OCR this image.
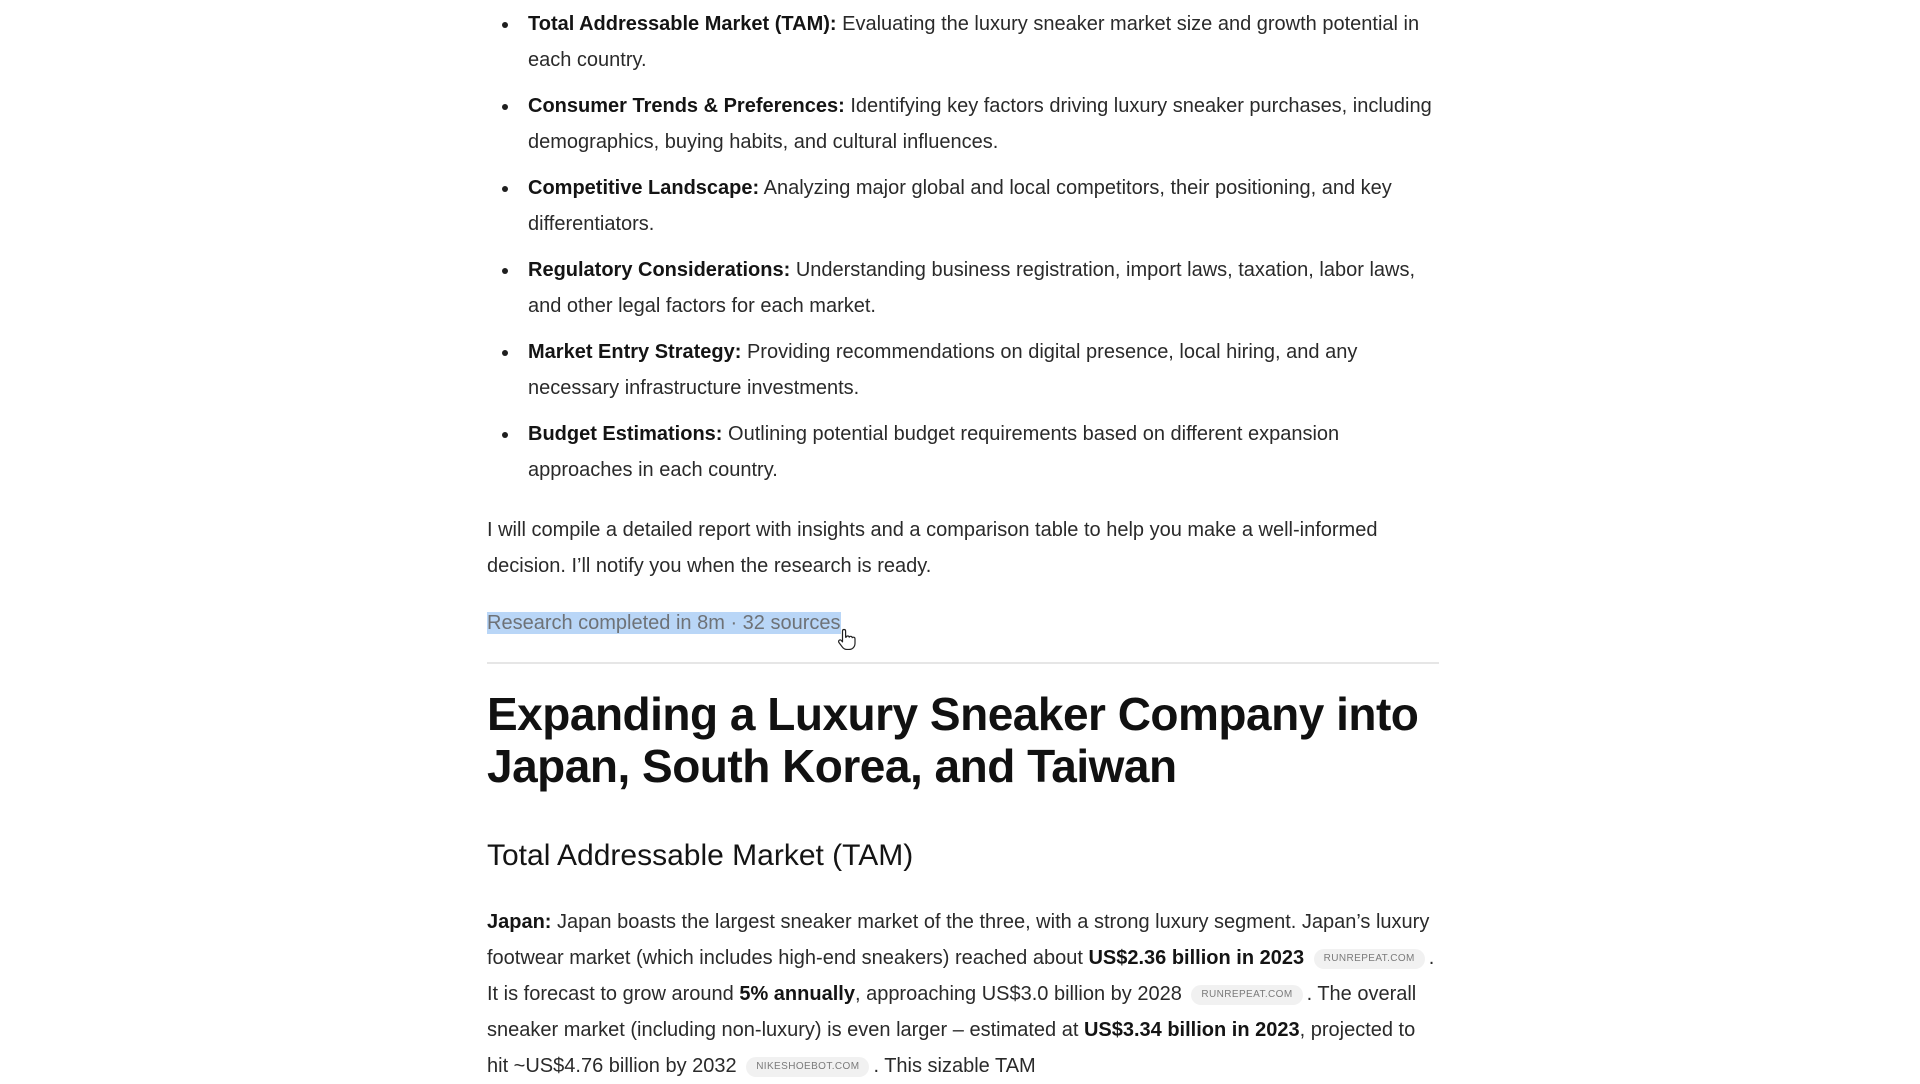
Total Addressable Market (TAM): Evaluating the luxury sneaker market size and growth potential in each country.
Consumer Trends & Preferences: Identifying key factors driving luxury sneaker purchases, including demographics, buying habits, and cultural influences.
Competitive Landscape: Analyzing major global and local competitors, their positioning, and key differentiators.
Regulatory Considerations: Understanding business registration, import laws, taxation, labor laws, and other legal factors for each market.
Market Entry Strategy: Providing recommendations on digital presence, local hiring, and any necessary infrastructure investments.
Budget Estimations: Outlining potential budget requirements based on different expansion approaches in each country.

I will compile a detailed report with insights and a comparison table to help you make a well-informed decision. I’ll notify you when the research is ready.

Research completed in 8m · 32 sources
Expanding a Luxury Sneaker Company into Japan, South Korea, and Taiwan
Total Addressable Market (TAM)

Japan: Japan boasts the largest sneaker market of the three, with a strong luxury segment. Japan’s luxury footwear market (which includes high-end sneakers) reached about US$2.36 billion in 2023 RUNREPEAT.COM . It is forecast to grow around 5% annually, approaching US$3.0 billion by 2028 RUNREPEAT.COM . The overall sneaker market (including non-luxury) is even larger – estimated at US$3.34 billion in 2023, projected to hit ~US$4.76 billion by 2032 NIKESHOEBOT.COM . This sizable TAM
